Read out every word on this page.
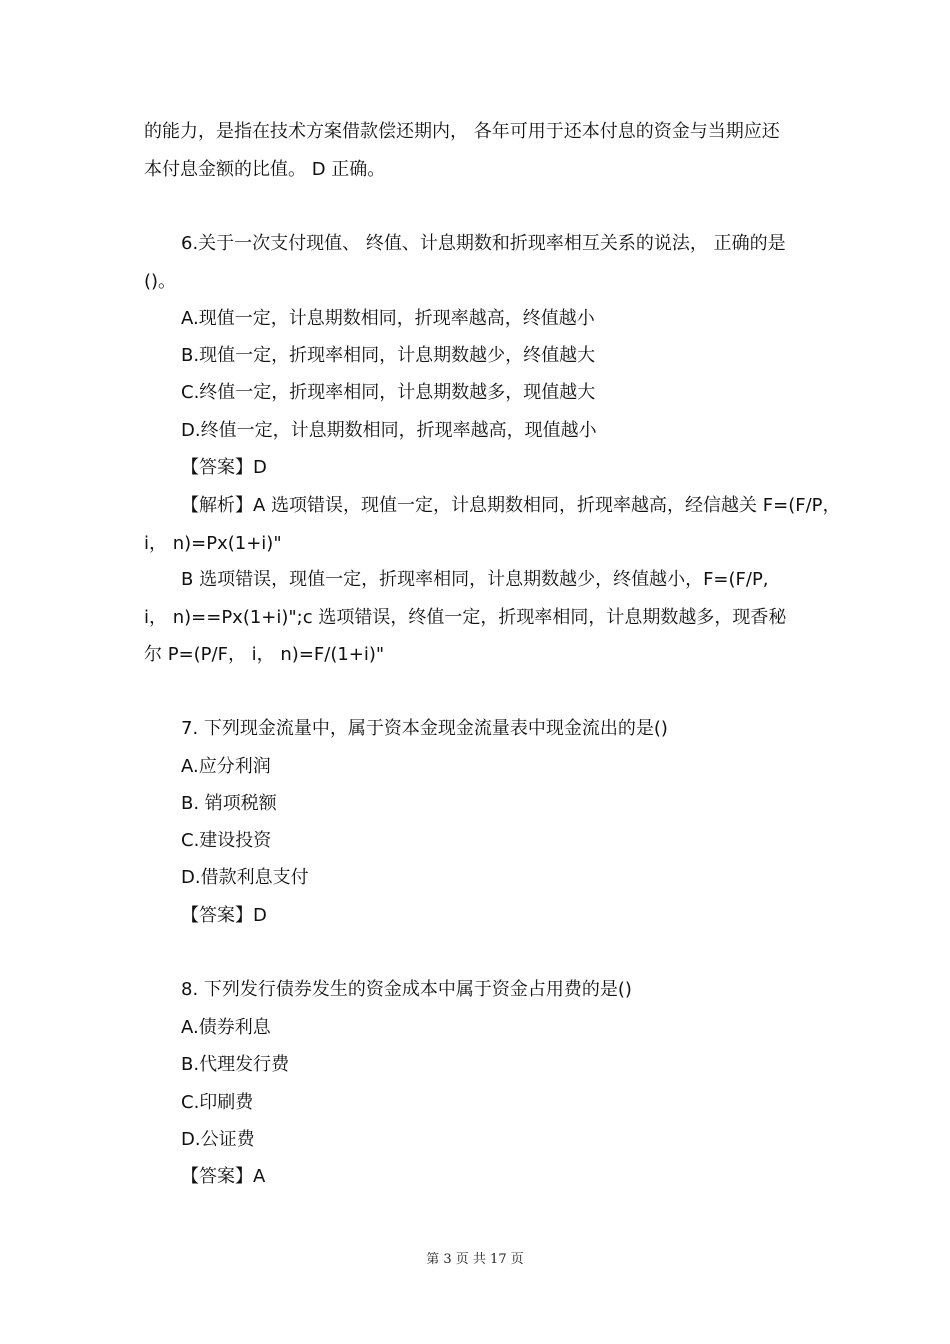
的能力，是指在技术方案借款偿还期内， 各年可用于还本付息的资金与当期应还
本付息金额的比值。 D 正确。
6.关于一次支付现值、 终值、计息期数和折现率相互关系的说法， 正确的是
()。
A.现值一定，计息期数相同，折现率越高，终值越小
B.现值一定，折现率相同，计息期数越少，终值越大
C.终值一定，折现率相同，计息期数越多，现值越大
D.终值一定，计息期数相同，折现率越高，现值越小
【答案】D
【解析】A 选项错误，现值一定，计息期数相同，折现率越高，经信越关 F=(F/P，
i， n)=Px(1+i)"
B 选项错误，现值一定，折现率相同，计息期数越少，终值越小，F=(F/P,
i， n)==Px(1+i)";c 选项错误，终值一定，折现率相同，计息期数越多，现香秘
尔 P=(P/F， i， n)=F/(1+i)"
7. 下列现金流量中，属于资本金现金流量表中现金流出的是()
A.应分利润
B. 销项税额
C.建设投资
D.借款利息支付
【答案】D
8. 下列发行债券发生的资金成本中属于资金占用费的是()
A.债券利息
B.代理发行费
C.印刷费
D.公证费
【答案】A
第 3 页 共 17 页
